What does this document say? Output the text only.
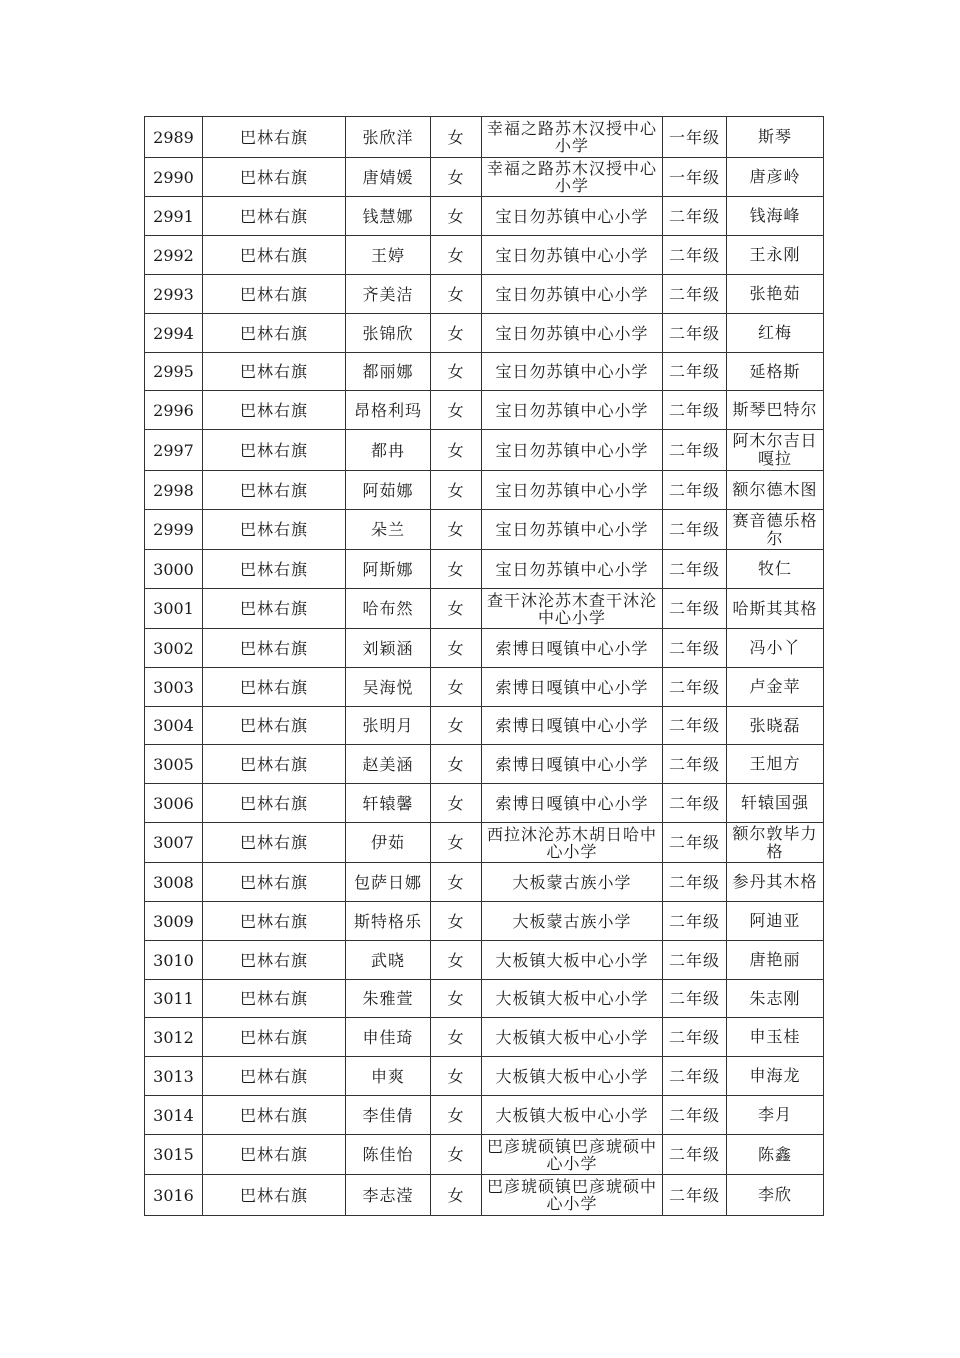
2989	巴林右旗	张欣洋	女	幸福之路苏木汉授中心小学	一年级	斯琴
2990	巴林右旗	唐婧媛	女	幸福之路苏木汉授中心小学	一年级	唐彦岭
2991	巴林右旗	钱慧娜	女	宝日勿苏镇中心小学	二年级	钱海峰
2992	巴林右旗	王婷	女	宝日勿苏镇中心小学	二年级	王永刚
2993	巴林右旗	齐美洁	女	宝日勿苏镇中心小学	二年级	张艳茹
2994	巴林右旗	张锦欣	女	宝日勿苏镇中心小学	二年级	红梅
2995	巴林右旗	都丽娜	女	宝日勿苏镇中心小学	二年级	延格斯
2996	巴林右旗	昂格利玛	女	宝日勿苏镇中心小学	二年级	斯琴巴特尔
2997	巴林右旗	都冉	女	宝日勿苏镇中心小学	二年级	阿木尔吉日嘎拉
2998	巴林右旗	阿茹娜	女	宝日勿苏镇中心小学	二年级	额尔德木图
2999	巴林右旗	朵兰	女	宝日勿苏镇中心小学	二年级	赛音德乐格尔
3000	巴林右旗	阿斯娜	女	宝日勿苏镇中心小学	二年级	牧仁
3001	巴林右旗	哈布然	女	查干沐沦苏木查干沐沦中心小学	二年级	哈斯其其格
3002	巴林右旗	刘颖涵	女	索博日嘎镇中心小学	二年级	冯小丫
3003	巴林右旗	吴海悦	女	索博日嘎镇中心小学	二年级	卢金苹
3004	巴林右旗	张明月	女	索博日嘎镇中心小学	二年级	张晓磊
3005	巴林右旗	赵美涵	女	索博日嘎镇中心小学	二年级	王旭方
3006	巴林右旗	轩辕馨	女	索博日嘎镇中心小学	二年级	轩辕国强
3007	巴林右旗	伊茹	女	西拉沐沦苏木胡日哈中心小学	二年级	额尔敦毕力格
3008	巴林右旗	包萨日娜	女	大板蒙古族小学	二年级	参丹其木格
3009	巴林右旗	斯特格乐	女	大板蒙古族小学	二年级	阿迪亚
3010	巴林右旗	武晓	女	大板镇大板中心小学	二年级	唐艳丽
3011	巴林右旗	朱雅萱	女	大板镇大板中心小学	二年级	朱志刚
3012	巴林右旗	申佳琦	女	大板镇大板中心小学	二年级	申玉桂
3013	巴林右旗	申爽	女	大板镇大板中心小学	二年级	申海龙
3014	巴林右旗	李佳倩	女	大板镇大板中心小学	二年级	李月
3015	巴林右旗	陈佳怡	女	巴彦琥硕镇巴彦琥硕中心小学	二年级	陈鑫
3016	巴林右旗	李志滢	女	巴彦琥硕镇巴彦琥硕中心小学	二年级	李欣
